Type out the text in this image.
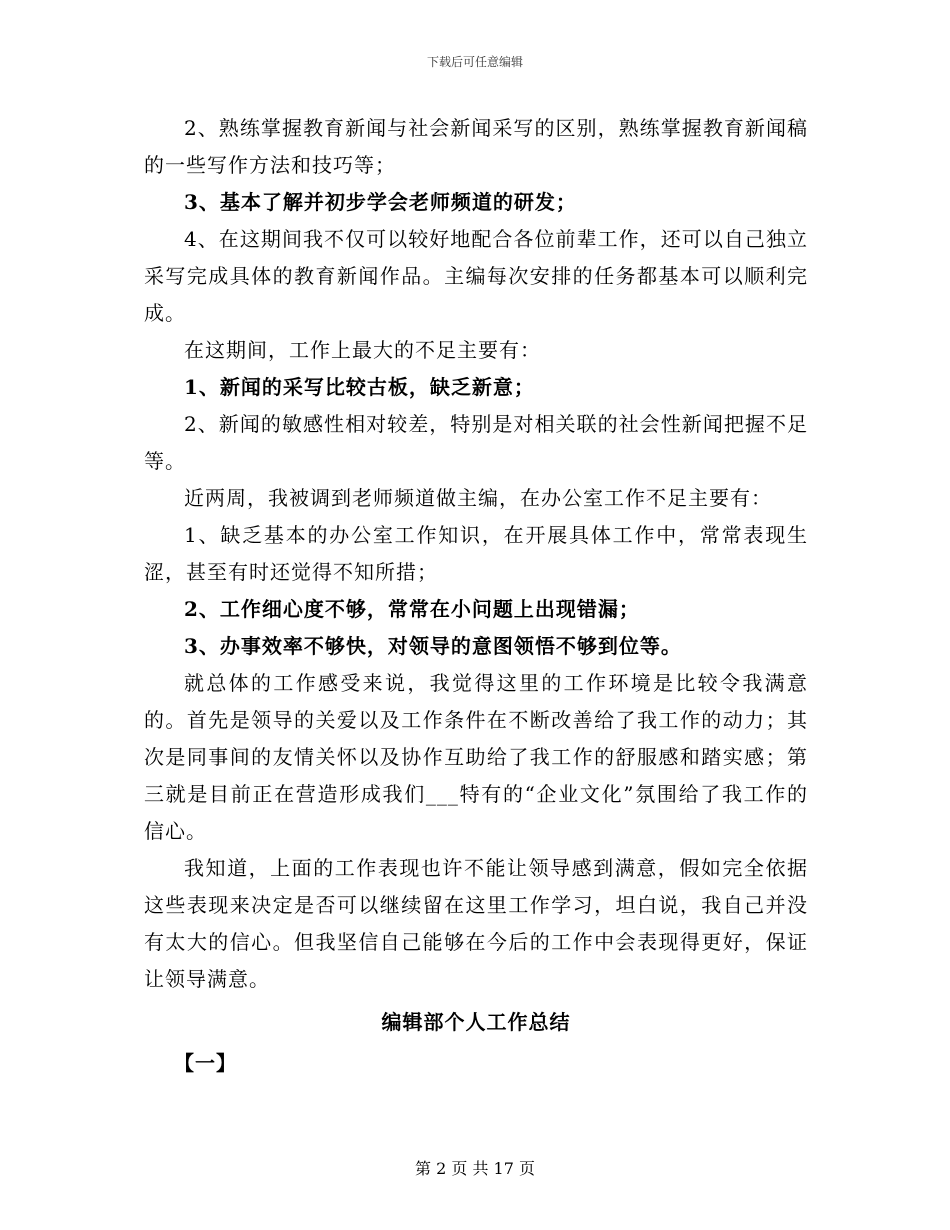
下载后可任意编辑

2、熟练掌握教育新闻与社会新闻采写的区别，熟练掌握教育新闻稿的一些写作方法和技巧等；

3、基本了解并初步学会老师频道的研发；

4、在这期间我不仅可以较好地配合各位前辈工作，还可以自己独立采写完成具体的教育新闻作品。主编每次安排的任务都基本可以顺利完成。

在这期间，工作上最大的不足主要有：

1、新闻的采写比较古板，缺乏新意；

2、新闻的敏感性相对较差，特别是对相关联的社会性新闻把握不足等。

近两周，我被调到老师频道做主编，在办公室工作不足主要有：

1、缺乏基本的办公室工作知识，在开展具体工作中，常常表现生涩，甚至有时还觉得不知所措；

2、工作细心度不够，常常在小问题上出现错漏；

3、办事效率不够快，对领导的意图领悟不够到位等。

就总体的工作感受来说，我觉得这里的工作环境是比较令我满意的。首先是领导的关爱以及工作条件在不断改善给了我工作的动力；其次是同事间的友情关怀以及协作互助给了我工作的舒服感和踏实感；第三就是目前正在营造形成我们___特有的“企业文化”氛围给了我工作的信心。

我知道，上面的工作表现也许不能让领导感到满意，假如完全依据这些表现来决定是否可以继续留在这里工作学习，坦白说，我自己并没有太大的信心。但我坚信自己能够在今后的工作中会表现得更好，保证让领导满意。

编辑部个人工作总结

【一】

第 2 页 共 17 页
